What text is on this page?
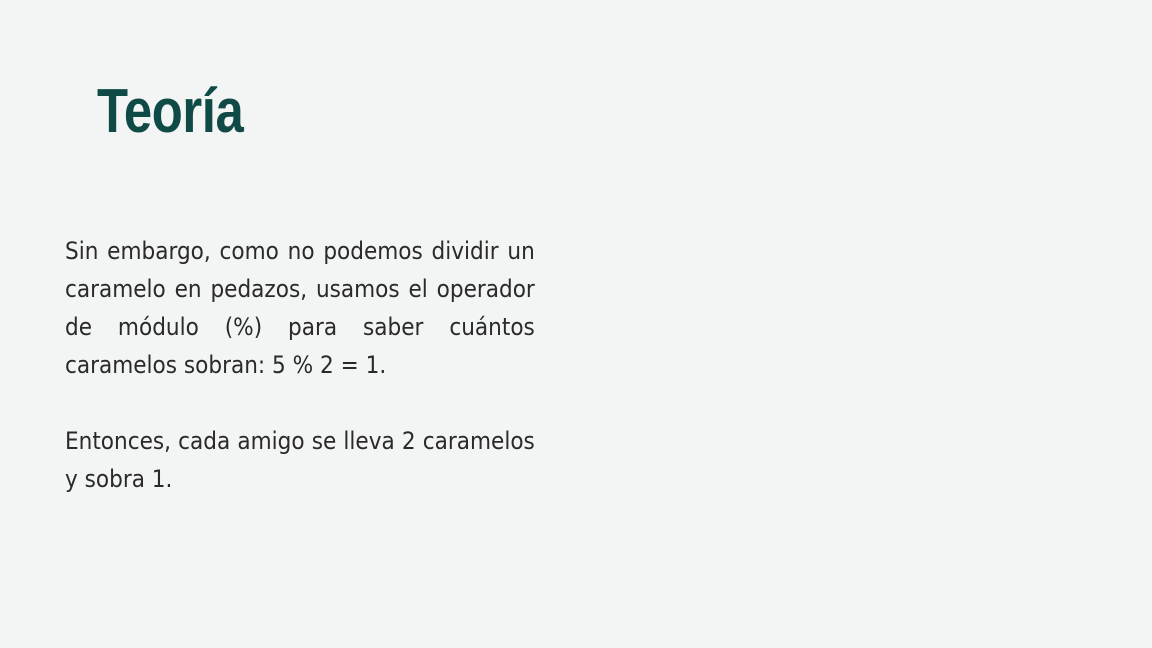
Teoría

Sin embargo, como no podemos dividir un caramelo en pedazos, usamos el operador de módulo (%) para saber cuántos caramelos sobran: 5 % 2 = 1.

Entonces, cada amigo se lleva 2 caramelos y sobra 1.
